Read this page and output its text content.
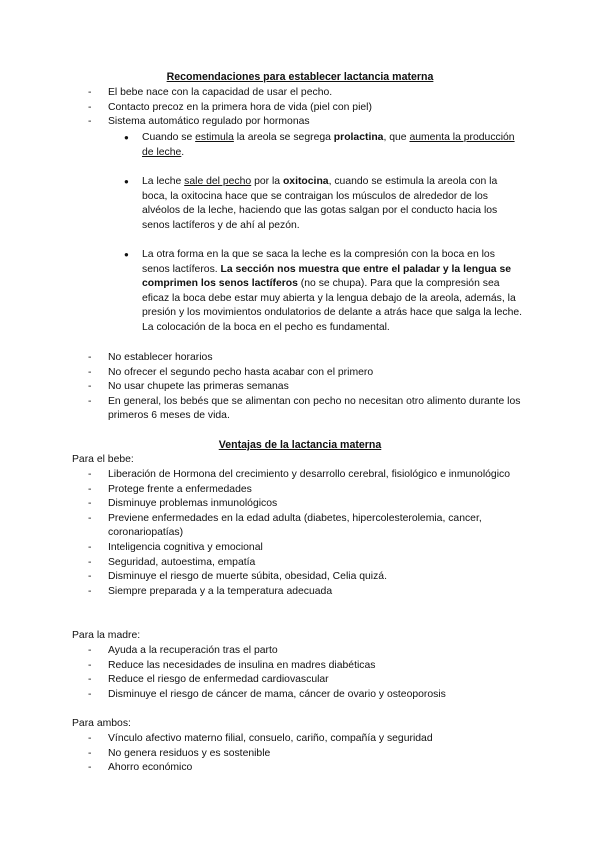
Recomendaciones para establecer lactancia materna
- El bebe nace con la capacidad de usar el pecho.
- Contacto precoz en la primera hora de vida (piel con piel)
- Sistema automático regulado por hormonas
● Cuando se estimula la areola se segrega prolactina, que aumenta la producción de leche.
● La leche sale del pecho por la oxitocina, cuando se estimula la areola con la boca, la oxitocina hace que se contraigan los músculos de alrededor de los alvéolos de la leche, haciendo que las gotas salgan por el conducto hacia los senos lactíferos y de ahí al pezón.
● La otra forma en la que se saca la leche es la compresión con la boca en los senos lactíferos. La sección nos muestra que entre el paladar y la lengua se comprimen los senos lactíferos (no se chupa). Para que la compresión sea eficaz la boca debe estar muy abierta y la lengua debajo de la areola, además, la presión y los movimientos ondulatorios de delante a atrás hace que salga la leche. La colocación de la boca en el pecho es fundamental.
- No establecer horarios
- No ofrecer el segundo pecho hasta acabar con el primero
- No usar chupete las primeras semanas
- En general, los bebés que se alimentan con pecho no necesitan otro alimento durante los primeros 6 meses de vida.
Ventajas de la lactancia materna
Para el bebe:
- Liberación de Hormona del crecimiento y desarrollo cerebral, fisiológico e inmunológico
- Protege frente a enfermedades
- Disminuye problemas inmunológicos
- Previene enfermedades en la edad adulta (diabetes, hipercolesterolemia, cancer, coronariopatías)
- Inteligencia cognitiva y emocional
- Seguridad, autoestima, empatía
- Disminuye el riesgo de muerte súbita, obesidad, Celia quizá.
- Siempre preparada y a la temperatura adecuada
Para la madre:
- Ayuda a la recuperación tras el parto
- Reduce las necesidades de insulina en madres diabéticas
- Reduce el riesgo de enfermedad cardiovascular
- Disminuye el riesgo de cáncer de mama, cáncer de ovario y osteoporosis
Para ambos:
- Vínculo afectivo materno filial, consuelo, cariño, compañía y seguridad
- No genera residuos y es sostenible
- Ahorro económico
